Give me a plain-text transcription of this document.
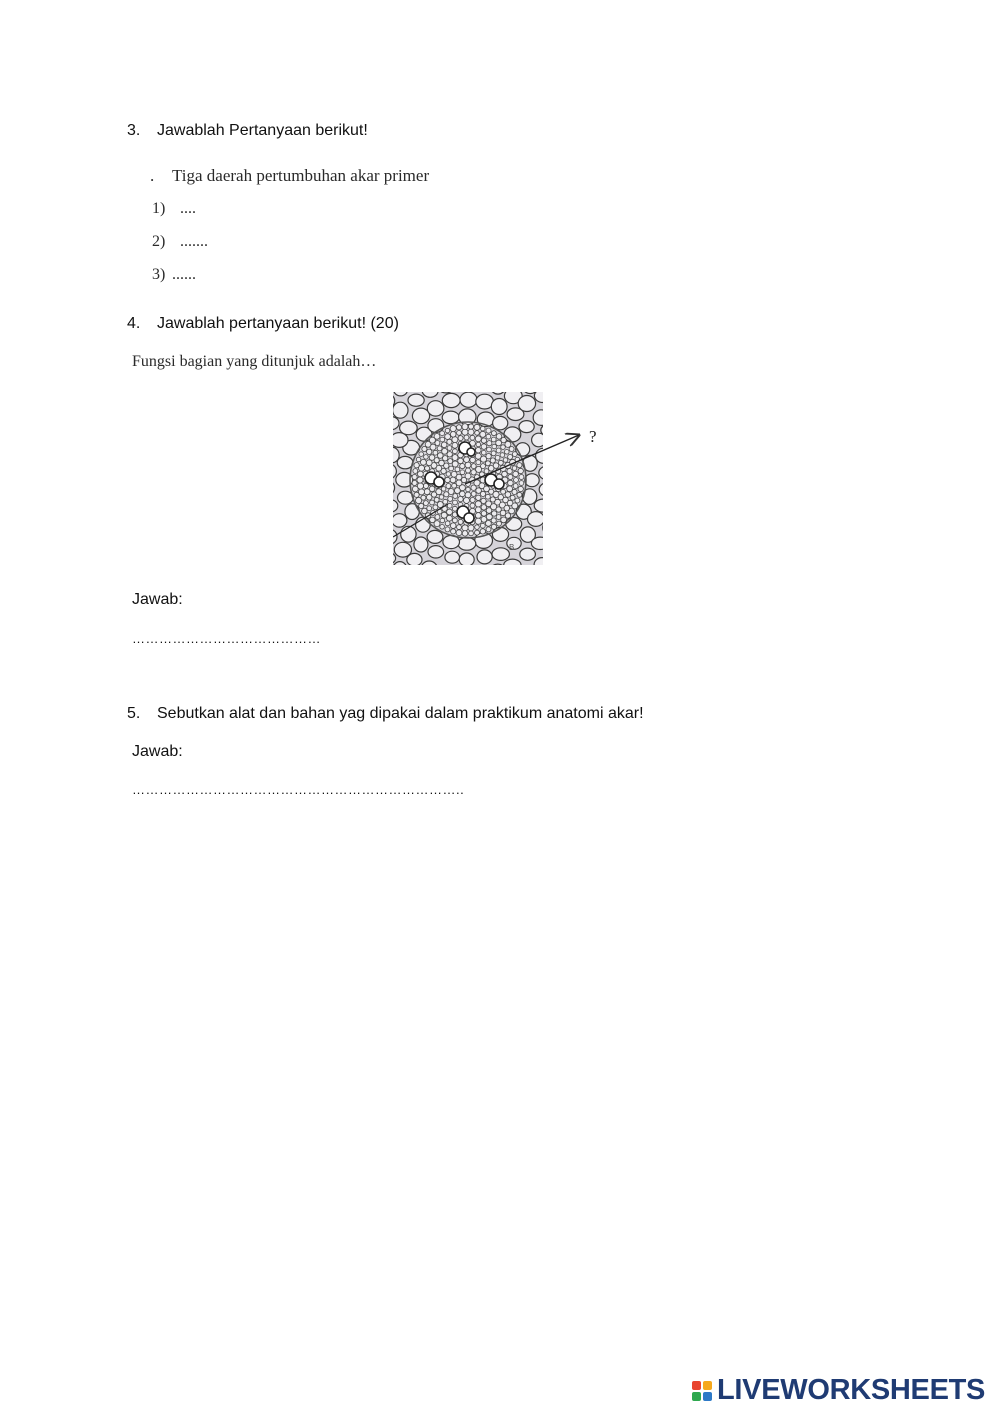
3. Jawablah Pertanyaan berikut!
. Tiga daerah pertumbuhan akar primer
1) ....
2) .......
3) ......
4. Jawablah pertanyaan berikut! (20)
Fungsi bagian yang ditunjuk adalah…
?
B
Jawab:
……………………………………
5. Sebutkan alat dan bahan yag dipakai dalam praktikum anatomi akar!
Jawab:
………………………………………………………………..
LIVEWORKSHEETS
